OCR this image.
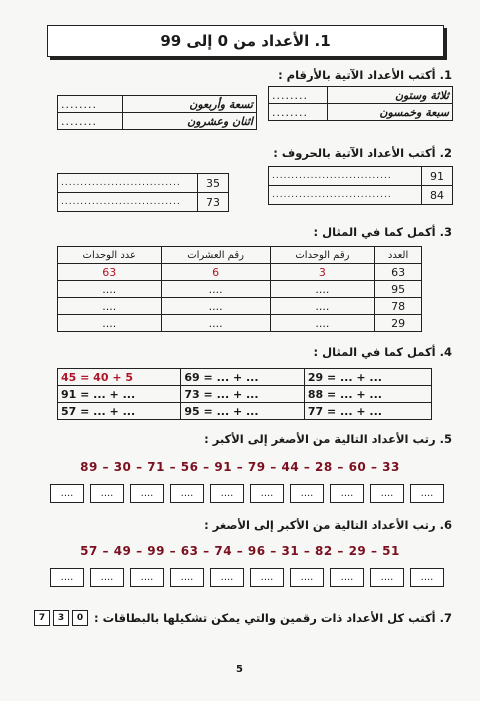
1. الأعداد من 0 إلى 99
1. أكتب الأعداد الآتية بالأرقام :
........	ثلاثة وستون
........	سبعة وخمسون
........	تسعة وأربعون
........	اثنان وعشرون
2. أكتب الأعداد الآتية بالحروف :
...............................	91
...............................	84
...............................	35
...............................	73
3. أكمل كما في المثال :
العدد	رقم الوحدات	رقم العشرات	عدد الوحدات
63	3	6	63
95	....	....	....
78	....	....	....
29	....	....	....
4. أكمل كما في المثال :
45 = 40 + 5	69 = ... + ...	29 = ... + ...
91 = ... + ...	73 = ... + ...	88 = ... + ...
57 = ... + ...	95 = ... + ...	77 = ... + ...
5. رتب الأعداد التالية من الأصغر إلى الأكبر :
89 – 30 – 71 – 56 – 91 – 79 – 44 – 28 – 60 – 33
....	....	....	....	....	....	....	....	....	....
6. رتب الأعداد التالية من الأكبر إلى الأصغر :
57 – 49 – 99 – 63 – 74 – 96 – 31 – 82 – 29 – 51
....	....	....	....	....	....	....	....	....	....
7. أكتب كل الأعداد ذات رقمين والتي يمكن تشكيلها بالبطاقات :
7	3	0
5
